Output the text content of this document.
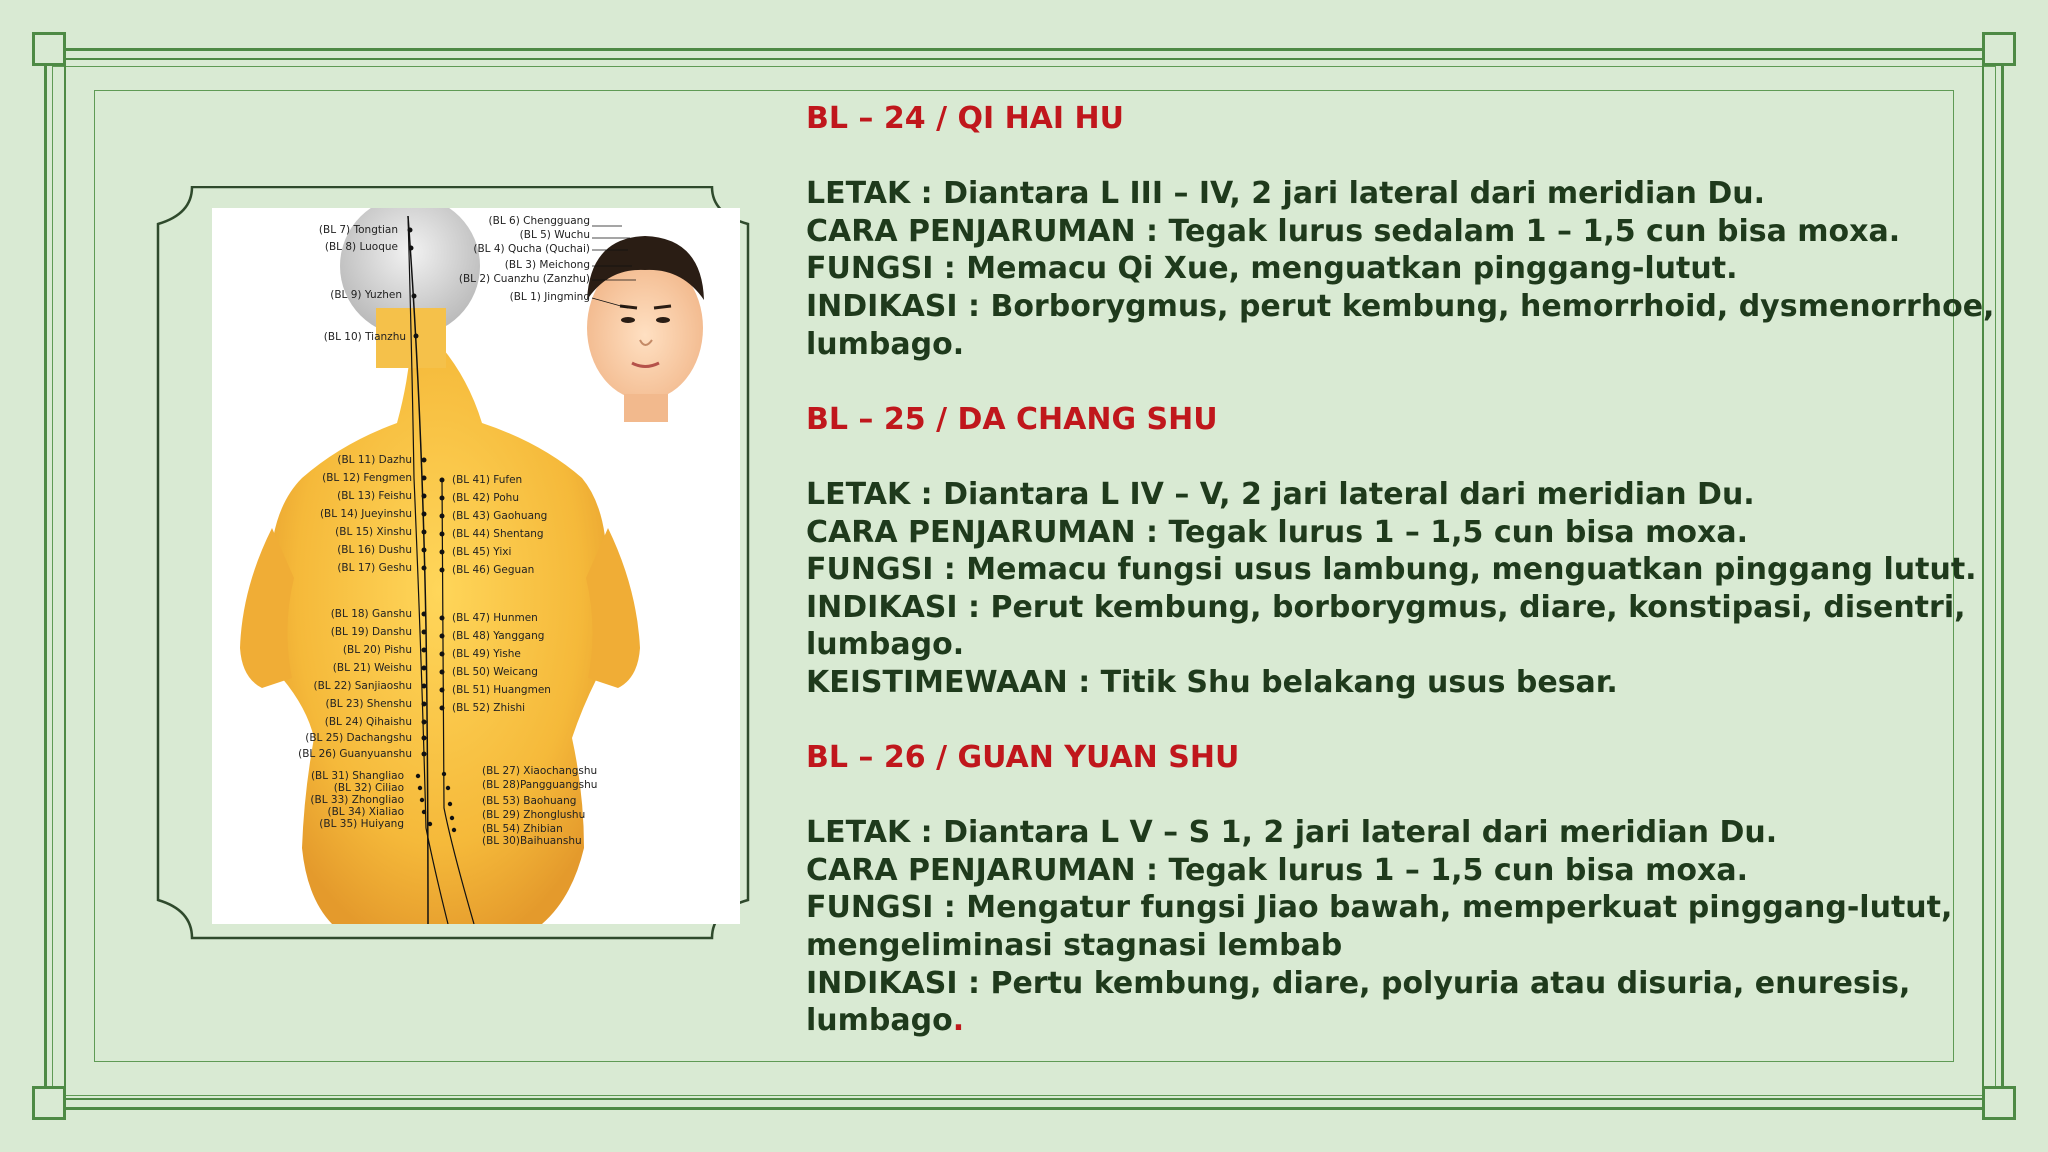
(BL 7) Tongtian
(BL 8) Luoque
(BL 9) Yuzhen
(BL 10) Tianzhu
(BL 11) Dazhu
(BL 12) Fengmen
(BL 13) Feishu
(BL 14) Jueyinshu
(BL 15) Xinshu
(BL 16) Dushu
(BL 17) Geshu
(BL 18) Ganshu
(BL 19) Danshu
(BL 20) Pishu
(BL 21) Weishu
(BL 22) Sanjiaoshu
(BL 23) Shenshu
(BL 24) Qihaishu
(BL 25) Dachangshu
(BL 26) Guanyuanshu
(BL 31) Shangliao
(BL 32) Ciliao
(BL 33) Zhongliao
(BL 34) Xialiao
(BL 35) Huiyang
(BL 41) Fufen
(BL 42) Pohu
(BL 43) Gaohuang
(BL 44) Shentang
(BL 45) Yixi
(BL 46) Geguan
(BL 47) Hunmen
(BL 48) Yanggang
(BL 49) Yishe
(BL 50) Weicang
(BL 51) Huangmen
(BL 52) Zhishi
(BL 27) Xiaochangshu
(BL 28)Pangguangshu
(BL 53) Baohuang
(BL 29) Zhonglushu
(BL 54) Zhibian
(BL 30)Baihuanshu
(BL 6) Chengguang
(BL 5) Wuchu
(BL 4) Qucha (Quchai)
(BL 3) Meichong
(BL 2) Cuanzhu (Zanzhu)
(BL 1) Jingming

BL – 24 / QI HAI HU

LETAK : Diantara L III – IV, 2 jari lateral dari meridian Du.

CARA PENJARUMAN : Tegak lurus sedalam 1 – 1,5 cun bisa moxa.

FUNGSI : Memacu Qi Xue, menguatkan pinggang-lutut.

INDIKASI : Borborygmus, perut kembung, hemorrhoid, dysmenorrhoe,

lumbago.

BL – 25 / DA CHANG SHU

LETAK : Diantara L IV – V, 2 jari lateral dari meridian Du.

CARA PENJARUMAN : Tegak lurus 1 – 1,5 cun bisa moxa.

FUNGSI : Memacu fungsi usus lambung, menguatkan pinggang lutut.

INDIKASI : Perut kembung, borborygmus, diare, konstipasi, disentri,

lumbago.

KEISTIMEWAAN : Titik Shu belakang usus besar.

BL – 26 / GUAN YUAN SHU

LETAK : Diantara L V – S 1, 2 jari lateral dari meridian Du.

CARA PENJARUMAN : Tegak lurus 1 – 1,5 cun bisa moxa.

FUNGSI : Mengatur fungsi Jiao bawah, memperkuat pinggang-lutut,

mengeliminasi stagnasi lembab

INDIKASI : Pertu kembung, diare, polyuria atau disuria, enuresis,

lumbago.
